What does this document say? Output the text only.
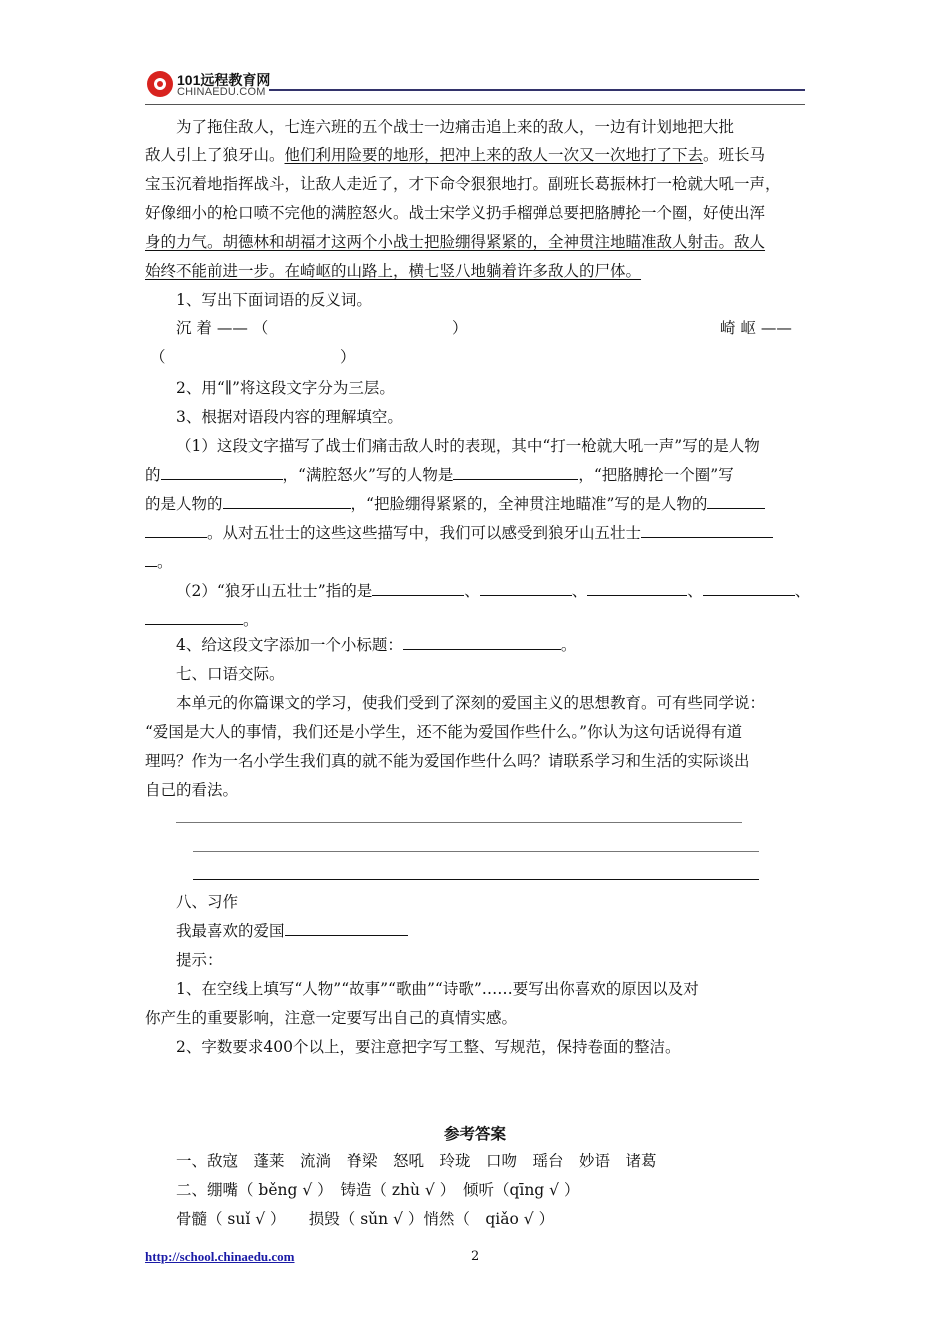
101远程教育网
CHINAEDU.COM
为了拖住敌人，七连六班的五个战士一边痛击追上来的敌人，一边有计划地把大批
敌人引上了狼牙山。他们利用险要的地形，把冲上来的敌人一次又一次地打了下去。班长马
宝玉沉着地指挥战斗，让敌人走近了，才下命令狠狠地打。副班长葛振林打一枪就大吼一声，
好像细小的枪口喷不完他的满腔怒火。战士宋学义扔手榴弹总要把胳膊抡一个圈，好使出浑
身的力气。胡德林和胡福才这两个小战士把脸绷得紧紧的，全神贯注地瞄准敌人射击。敌人
始终不能前进一步。在崎岖的山路上，横七竖八地躺着许多敌人的尸体。
1、写出下面词语的反义词。
沉 着 —— （	）	崎 岖 ——
（	）
2、用“∥”将这段文字分为三层。
3、根据对语段内容的理解填空。
（1）这段文字描写了战士们痛击敌人时的表现，其中“打一枪就大吼一声”写的是人物
的	，“满腔怒火”写的人物是	，“把胳膊抡一个圈”写
的是人物的	，“把脸绷得紧紧的，全神贯注地瞄准”写的是人物的
。从对五壮士的这些这些描写中，我们可以感受到狼牙山五壮士
。
（2）“狼牙山五壮士”指的是	、	、	、	、
。
4、给这段文字添加一个小标题：	。
七、口语交际。
本单元的你篇课文的学习，使我们受到了深刻的爱国主义的思想教育。可有些同学说：
“爱国是大人的事情，我们还是小学生，还不能为爱国作些什么。”你认为这句话说得有道
理吗？作为一名小学生我们真的就不能为爱国作些什么吗？请联系学习和生活的实际谈出
自己的看法。
八、习作
我最喜欢的爱国
提示：
1、在空线上填写“人物”“故事”“歌曲”“诗歌”……要写出你喜欢的原因以及对
你产生的重要影响，注意一定要写出自己的真情实感。
2、字数要求400个以上，要注意把字写工整、写规范，保持卷面的整洁。
参考答案
一、敌寇　蓬莱　流淌　脊梁　怒吼　玲珑　口吻　瑶台　妙语　诸葛
二、绷嘴（ běng √ ）　铸造（ zhù √ ）　倾听（qīng √ ）
骨髓（ suǐ √ ）　　损毁（ sǔn √ ）悄然（　qiǎo √ ）
http://school.chinaedu.com	2
